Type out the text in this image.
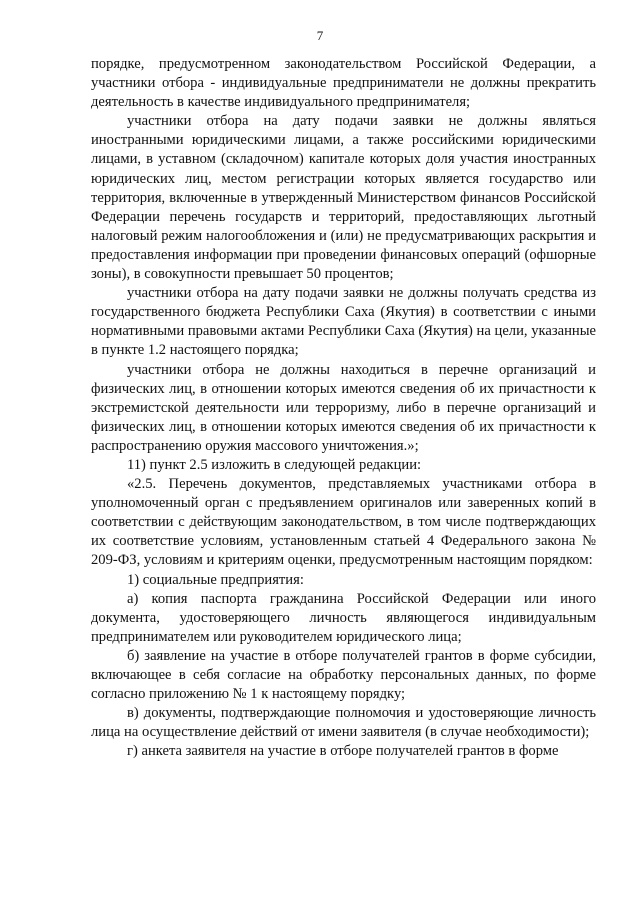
7

порядке, предусмотренном законодательством Российской Федерации, а участники отбора - индивидуальные предприниматели не должны прекратить деятельность в качестве индивидуального предпринимателя;

участники отбора на дату подачи заявки не должны являться иностранными юридическими лицами, а также российскими юридическими лицами, в уставном (складочном) капитале которых доля участия иностранных юридических лиц, местом регистрации которых является государство или территория, включенные в утвержденный Министерством финансов Российской Федерации перечень государств и территорий, предоставляющих льготный налоговый режим налогообложения и (или) не предусматривающих раскрытия и предоставления информации при проведении финансовых операций (офшорные зоны), в совокупности превышает 50 процентов;

участники отбора на дату подачи заявки не должны получать средства из государственного бюджета Республики Саха (Якутия) в соответствии с иными нормативными правовыми актами Республики Саха (Якутия) на цели, указанные в пункте 1.2 настоящего порядка;

участники отбора не должны находиться в перечне организаций и физических лиц, в отношении которых имеются сведения об их причастности к экстремистской деятельности или терроризму, либо в перечне организаций и физических лиц, в отношении которых имеются сведения об их причастности к распространению оружия массового уничтожения.»;

11) пункт 2.5 изложить в следующей редакции:

«2.5. Перечень документов, представляемых участниками отбора в уполномоченный орган с предъявлением оригиналов или заверенных копий в соответствии с действующим законодательством, в том числе подтверждающих их соответствие условиям, установленным статьей 4 Федерального закона № 209-ФЗ, условиям и критериям оценки, предусмотренным настоящим порядком:

1) социальные предприятия:

а) копия паспорта гражданина Российской Федерации или иного документа, удостоверяющего личность являющегося индивидуальным предпринимателем или руководителем юридического лица;

б) заявление на участие в отборе получателей грантов в форме субсидии, включающее в себя согласие на обработку персональных данных, по форме согласно приложению № 1 к настоящему порядку;

в) документы, подтверждающие полномочия и удостоверяющие личность лица на осуществление действий от имени заявителя (в случае необходимости);

г) анкета заявителя на участие в отборе получателей грантов в форме
